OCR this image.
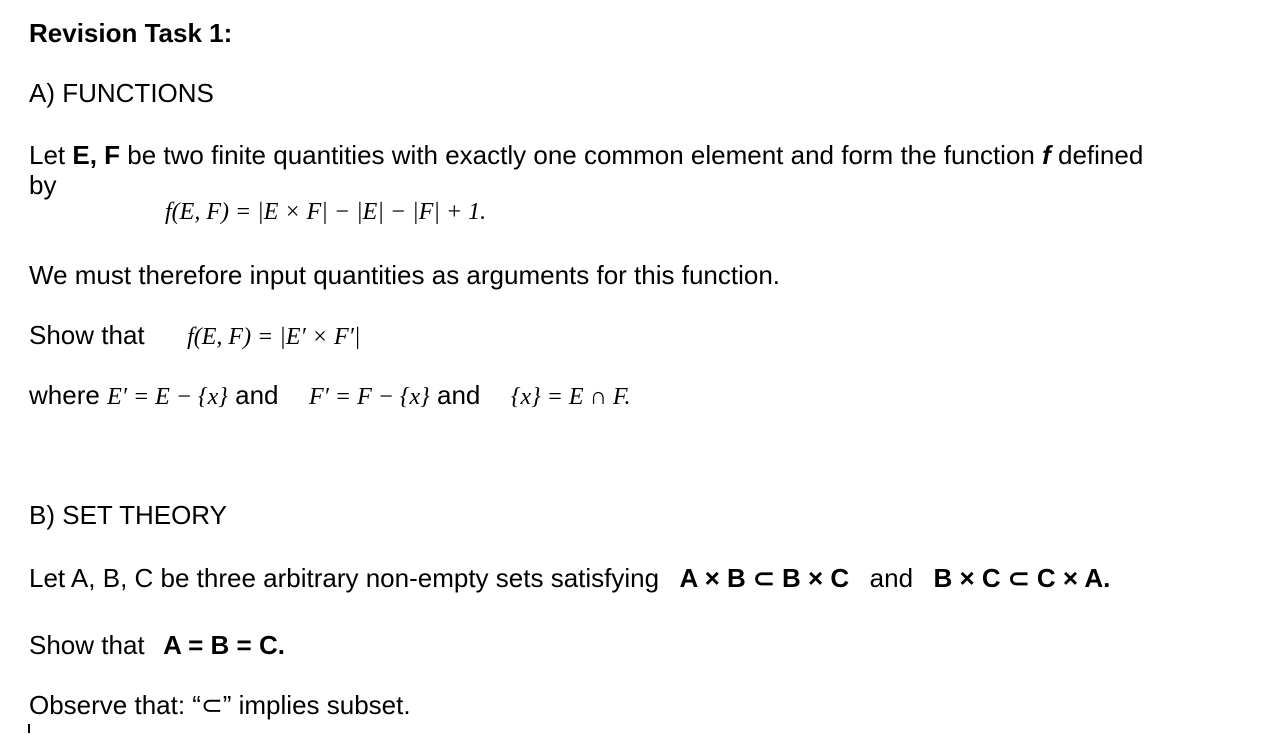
Revision Task 1:
A) FUNCTIONS
Let E, F be two finite quantities with exactly one common element and form the function f defined
by
f(E, F) = |E × F| − |E| − |F| + 1.
We must therefore input quantities as arguments for this function.
Show that f(E, F) = |E′ × F′|
where E′ = E − {x} and F′ = F − {x} and {x} = E ∩ F.
B) SET THEORY
Let A, B, C be three arbitrary non-empty sets satisfying A × B ⊂ B × C and B × C ⊂ C × A.
Show that A = B = C.
Observe that: “⊂” implies subset.
